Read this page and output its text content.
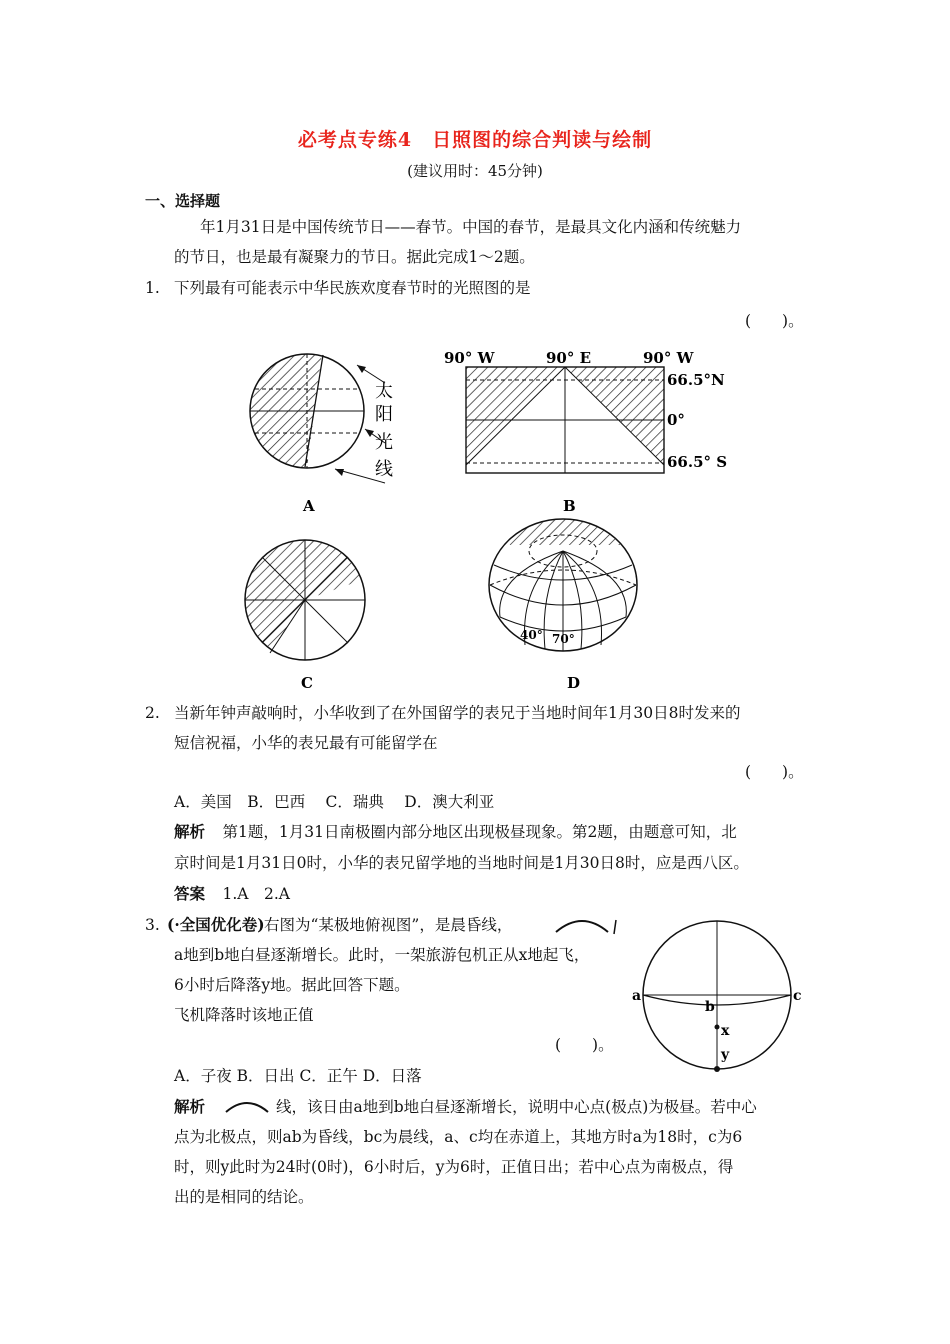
必考点专练4　日照图的综合判读与绘制
(建议用时：45分钟)
一、选择题
年1月31日是中国传统节日——春节。中国的春节，是最具文化内涵和传统魅力
的节日，也是最有凝聚力的节日。据此完成1～2题。
1. 下列最有可能表示中华民族欢度春节时的光照图的是
(　　)。
太
阳
光
线
A
90° W	90° E	90° W
66.5°N
0°
66.5° S
B
C
40° 70°
D
2. 当新年钟声敲响时，小华收到了在外国留学的表兄于当地时间年1月30日8时发来的
短信祝福，小华的表兄最有可能留学在
(　　)。
A．美国　B．巴西　 C．瑞典　 D．澳大利亚
解析 　第1题，1月31日南极圈内部分地区出现极昼现象。第2题，由题意可知，北
京时间是1月31日0时，小华的表兄留学地的当地时间是1月30日8时，应是西八区。
答案 　1.A　2.A
3. (·全国优化卷) 右图为“某极地俯视图”，是晨昏线，
a地到b地白昼逐渐增长。此时，一架旅游包机正从x地起飞，
6小时后降落y地。据此回答下题。
飞机降落时该地正值
(　　)。
A．子夜 B．日出 C．正午 D．日落
a
b
c
x
y
解析	线，该日由a地到b地白昼逐渐增长，说明中心点(极点)为极昼。若中心
点为北极点，则ab为昏线，bc为晨线，a、c均在赤道上，其地方时a为18时，c为6
时，则y此时为24时(0时)，6小时后，y为6时，正值日出；若中心点为南极点，得
出的是相同的结论。
